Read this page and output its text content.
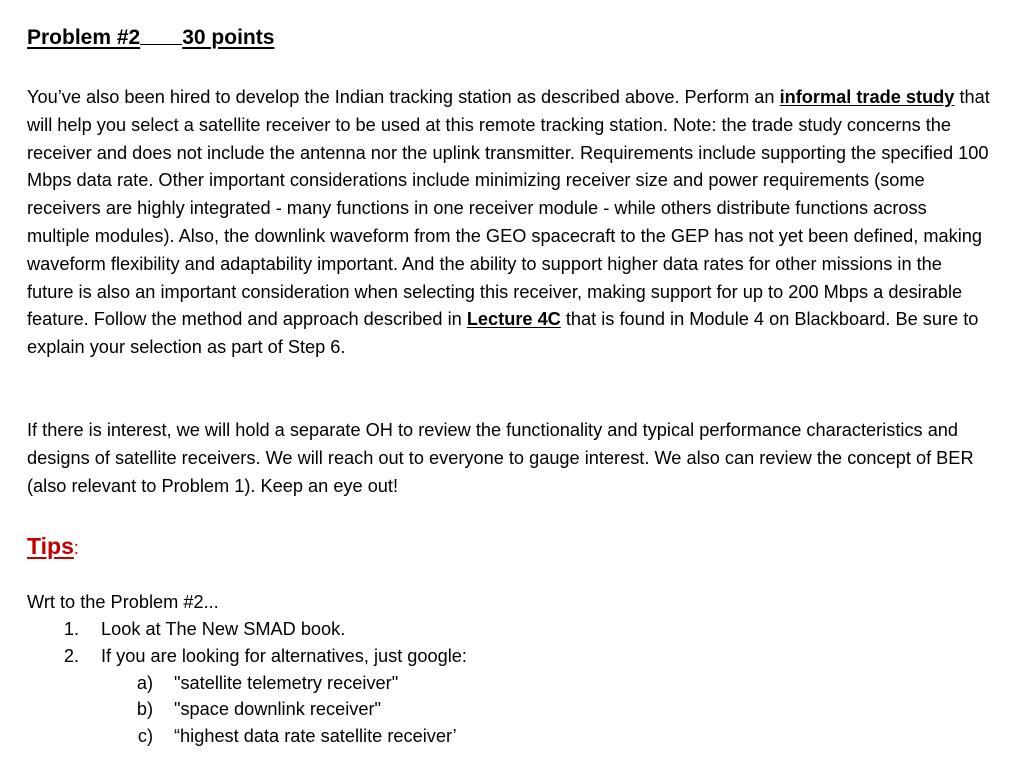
Problem #2 30 points

You’ve also been hired to develop the Indian tracking station as described above. Perform an informal trade study that will help you select a satellite receiver to be used at this remote tracking station. Note: the trade study concerns the receiver and does not include the antenna nor the uplink transmitter. Requirements include supporting the specified 100 Mbps data rate. Other important considerations include minimizing receiver size and power requirements (some receivers are highly integrated - many functions in one receiver module - while others distribute functions across multiple modules). Also, the downlink waveform from the GEO spacecraft to the GEP has not yet been defined, making waveform flexibility and adaptability important. And the ability to support higher data rates for other missions in the future is also an important consideration when selecting this receiver, making support for up to 200 Mbps a desirable feature. Follow the method and approach described in Lecture 4C that is found in Module 4 on Blackboard. Be sure to explain your selection as part of Step 6.

If there is interest, we will hold a separate OH to review the functionality and typical performance characteristics and designs of satellite receivers. We will reach out to everyone to gauge interest. We also can review the concept of BER (also relevant to Problem 1). Keep an eye out!

Tips:
Wrt to the Problem #2...
1. Look at The New SMAD book.
2. If you are looking for alternatives, just google:
a) "satellite telemetry receiver"
b) "space downlink receiver"
c) “highest data rate satellite receiver’
